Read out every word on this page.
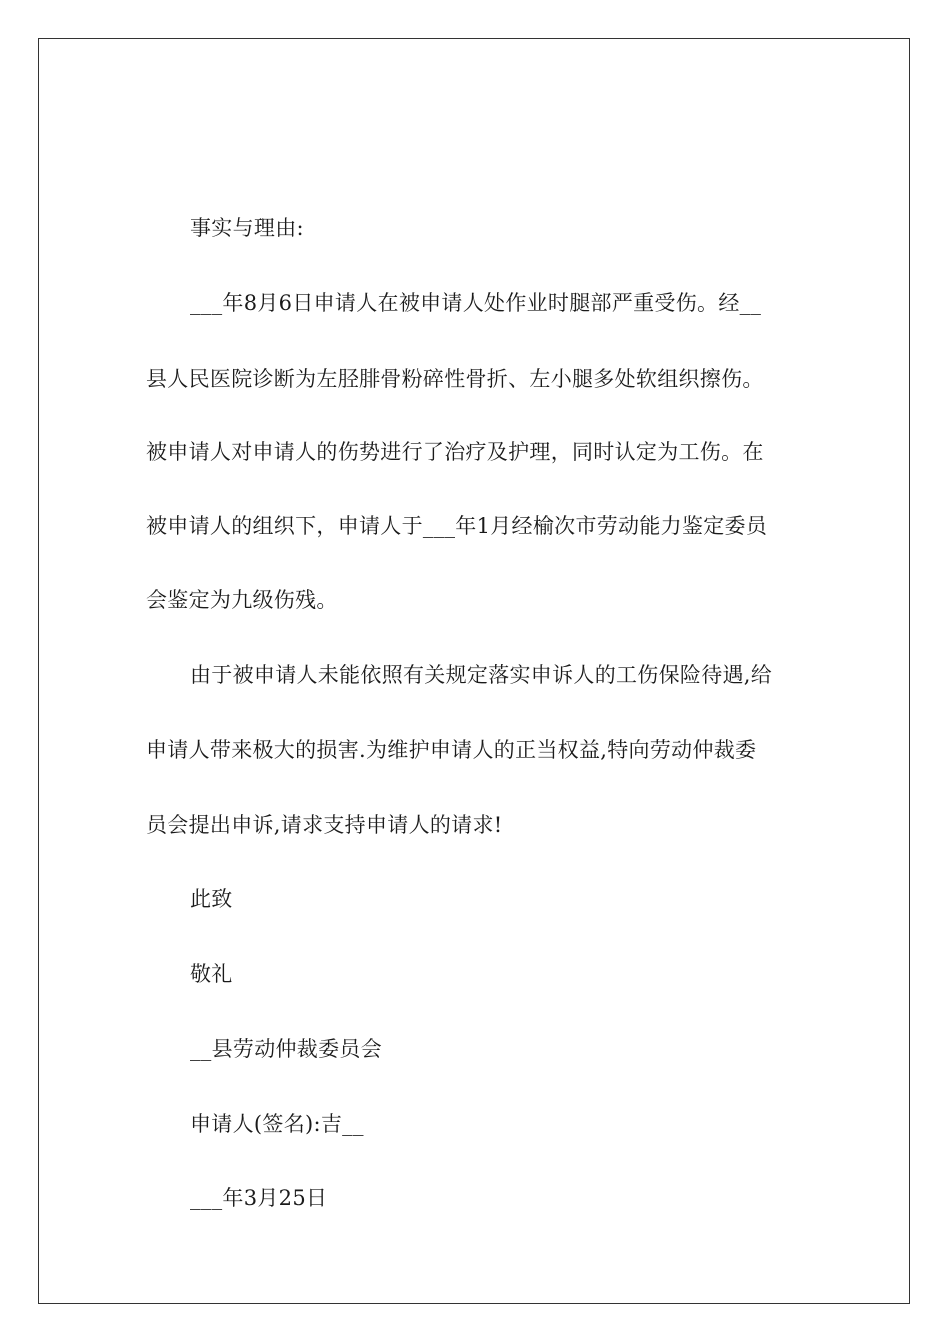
事实与理由:
___年8月6日申请人在被申请人处作业时腿部严重受伤。经__
县人民医院诊断为左胫腓骨粉碎性骨折、左小腿多处软组织擦伤。
被申请人对申请人的伤势进行了治疗及护理，同时认定为工伤。在
被申请人的组织下，申请人于___年1月经榆次市劳动能力鉴定委员
会鉴定为九级伤残。
由于被申请人未能依照有关规定落实申诉人的工伤保险待遇,给
申请人带来极大的损害.为维护申请人的正当权益,特向劳动仲裁委
员会提出申诉,请求支持申请人的请求!
此致
敬礼
__县劳动仲裁委员会
申请人(签名):吉__
___年3月25日
